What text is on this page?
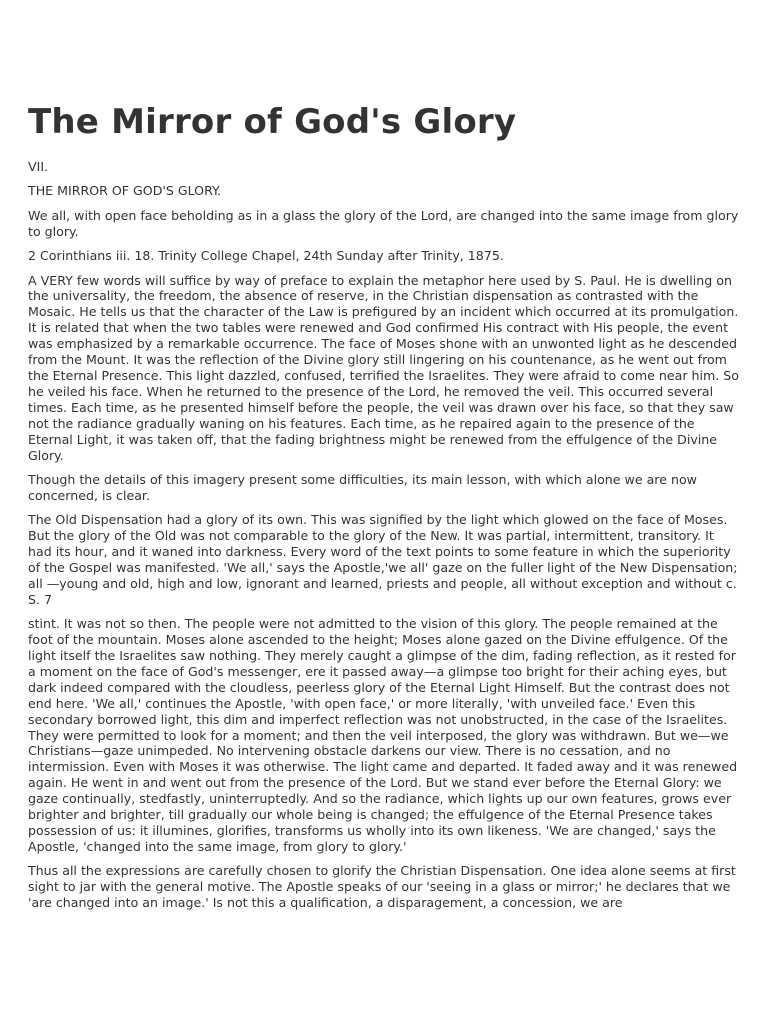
The Mirror of God's Glory

VII.

THE MIRROR OF GOD'S GLORY.

We all, with open face beholding as in a glass the glory of the Lord, are changed into the same image from glory to glory.

2 Corinthians iii. 18. Trinity College Chapel, 24th Sunday after Trinity, 1875.

A VERY few words will suffice by way of preface to explain the metaphor here used by S. Paul. He is dwelling on the universality, the freedom, the absence of reserve, in the Christian dispensation as contrasted with the Mosaic. He tells us that the character of the Law is prefigured by an incident which occurred at its promulgation. It is related that when the two tables were renewed and God confirmed His contract with His people, the event was emphasized by a remarkable occurrence. The face of Moses shone with an unwonted light as he descended from the Mount. It was the reflection of the Divine glory still lingering on his countenance, as he went out from the Eternal Presence. This light dazzled, confused, terrified the Israelites. They were afraid to come near him. So he veiled his face. When he returned to the presence of the Lord, he removed the veil. This occurred several times. Each time, as he presented himself before the people, the veil was drawn over his face, so that they saw not the radiance gradually waning on his features. Each time, as he repaired again to the presence of the Eternal Light, it was taken off, that the fading brightness might be renewed from the effulgence of the Divine Glory.

Though the details of this imagery present some difficulties, its main lesson, with which alone we are now concerned, is clear.

The Old Dispensation had a glory of its own. This was signified by the light which glowed on the face of Moses. But the glory of the Old was not comparable to the glory of the New. It was partial, intermittent, transitory. It had its hour, and it waned into darkness. Every word of the text points to some feature in which the superiority of the Gospel was manifested. 'We all,' says the Apostle,'we all' gaze on the fuller light of the New Dispensation; all —young and old, high and low, ignorant and learned, priests and people, all without exception and without c. S. 7

stint. It was not so then. The people were not admitted to the vision of this glory. The people remained at the foot of the mountain. Moses alone ascended to the height; Moses alone gazed on the Divine effulgence. Of the light itself the Israelites saw nothing. They merely caught a glimpse of the dim, fading reflection, as it rested for a moment on the face of God's messenger, ere it passed away—a glimpse too bright for their aching eyes, but dark indeed compared with the cloudless, peerless glory of the Eternal Light Himself. But the contrast does not end here. 'We all,' continues the Apostle, 'with open face,' or more literally, 'with unveiled face.' Even this secondary borrowed light, this dim and imperfect reflection was not unobstructed, in the case of the Israelites. They were permitted to look for a moment; and then the veil interposed, the glory was withdrawn. But we—we Christians—gaze unimpeded. No intervening obstacle darkens our view. There is no cessation, and no intermission. Even with Moses it was otherwise. The light came and departed. It faded away and it was renewed again. He went in and went out from the presence of the Lord. But we stand ever before the Eternal Glory: we gaze continually, stedfastly, uninterruptedly. And so the radiance, which lights up our own features, grows ever brighter and brighter, till gradually our whole being is changed; the effulgence of the Eternal Presence takes possession of us: it illumines, glorifies, transforms us wholly into its own likeness. 'We are changed,' says the Apostle, 'changed into the same image, from glory to glory.'

Thus all the expressions are carefully chosen to glorify the Christian Dispensation. One idea alone seems at first sight to jar with the general motive. The Apostle speaks of our 'seeing in a glass or mirror;' he declares that we 'are changed into an image.' Is not this a qualification, a disparagement, a concession, we are
